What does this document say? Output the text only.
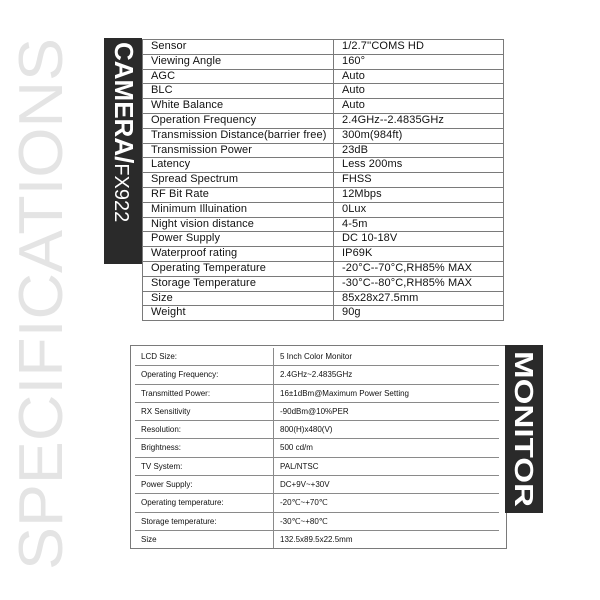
SPECIFICATIONS CAMERA/FX922
Sensor	1/2.7''COMS HD
Viewing Angle	160°
AGC	Auto
BLC	Auto
White Balance	Auto
Operation Frequency	2.4GHz--2.4835GHz
Transmission Distance(barrier free)	300m(984ft)
Transmission Power	23dB
Latency	Less 200ms
Spread Spectrum	FHSS
RF Bit Rate	12Mbps
Minimum Illuination	0Lux
Night vision distance	4-5m
Power Supply	DC 10-18V
Waterproof rating	IP69K
Operating Temperature	-20°C--70°C,RH85% MAX
Storage Temperature	-30°C--80°C,RH85% MAX
Size	85x28x27.5mm
Weight	90g
LCD Size:	5 Inch Color Monitor
Operating Frequency:	2.4GHz~2.4835GHz
Transmitted Power:	16±1dBm@Maximum Power Setting
RX Sensitivity	-90dBm@10%PER
Resolution:	800(H)x480(V)
Brightness:	500 cd/m
TV System:	PAL/NTSC
Power Supply:	DC+9V~+30V
Operating temperature:	-20℃~+70℃
Storage temperature:	-30℃~+80℃
Size	132.5x89.5x22.5mm
MONITOR
